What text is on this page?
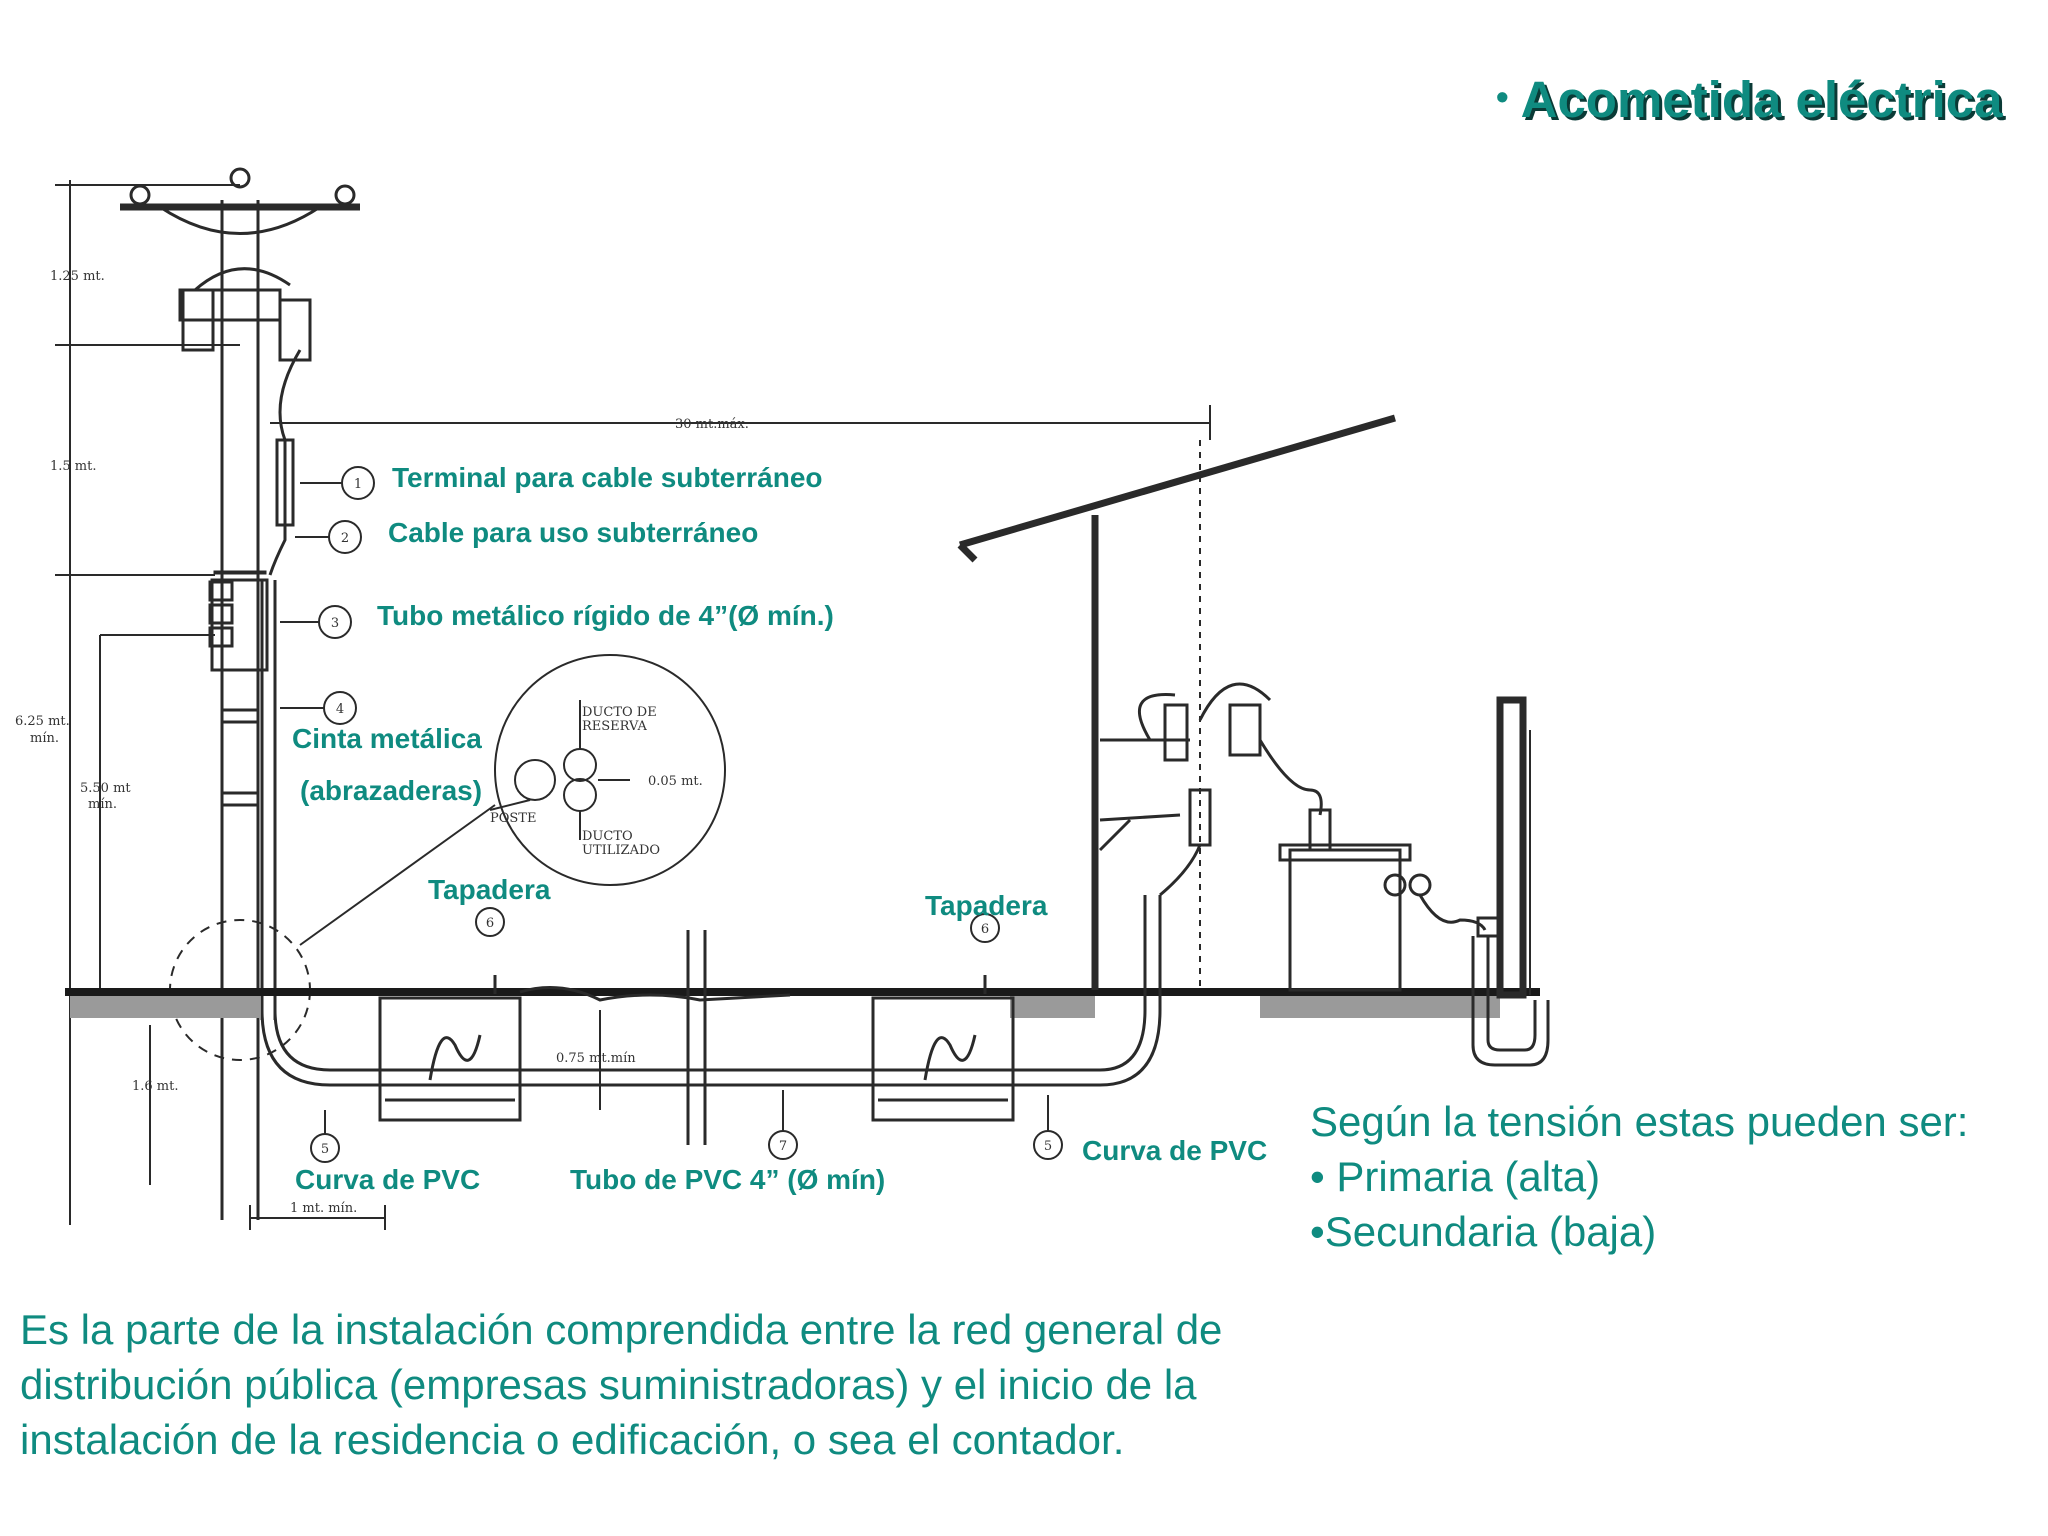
1
2
3
4
6	6
5	7	5
1.25 mt.
1.5 mt.
6.25 mt.
mín.
5.50 mt
mín.
1.6 mt.
1 mt. mín.
30 mt.máx.
0.75 mt.mín
0.05 mt.
DUCTO DE
RESERVA
POSTE
DUCTO
UTILIZADO
• Acometida eléctrica
Terminal para cable subterráneo
Cable para uso subterráneo
Tubo metálico rígido de 4”(Ø mín.)
Cinta metálica
(abrazaderas)
Tapadera
Tapadera
Curva de PVC	Tubo de PVC 4” (Ø mín)
Curva de PVC
Según la tensión estas pueden ser:
• Primaria (alta)
•Secundaria (baja)
Es la parte de la instalación comprendida entre la red general de
distribución pública (empresas suministradoras) y el inicio de la
instalación de la residencia o edificación, o sea el contador.
